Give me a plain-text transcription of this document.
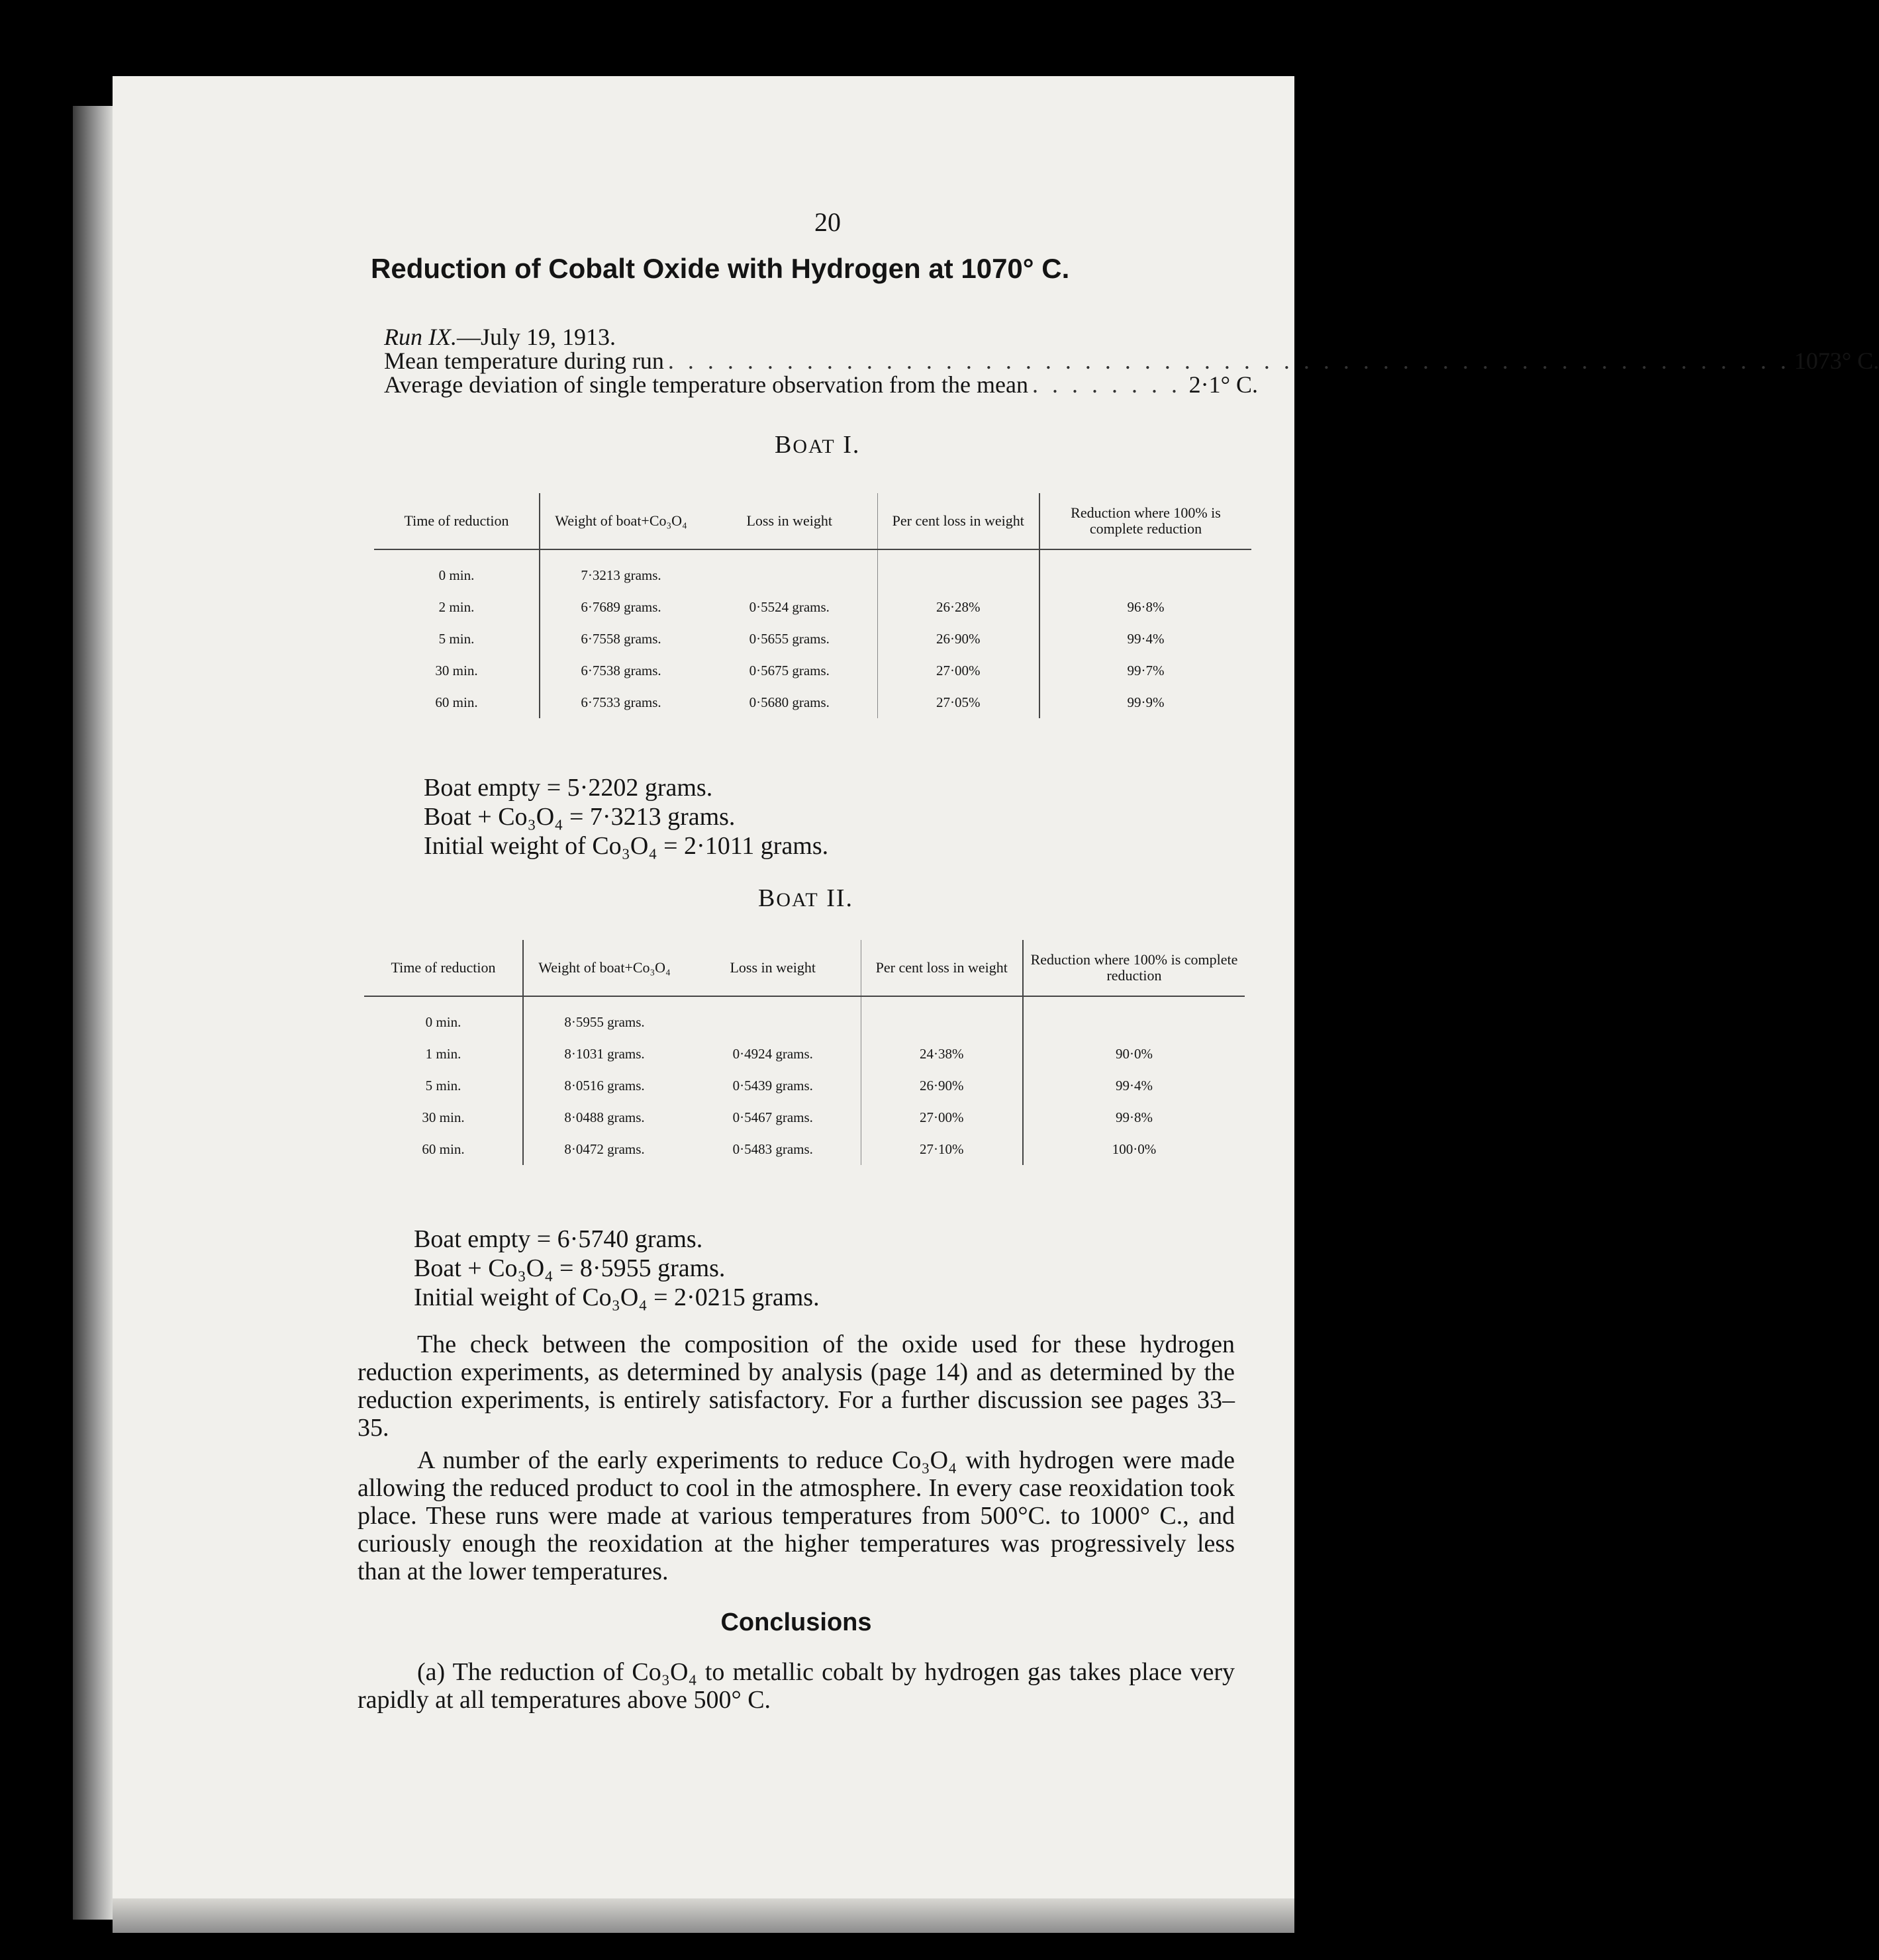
20
Reduction of Cobalt Oxide with Hydrogen at 1070° C.
Run IX.—July 19, 1913.
Mean temperature during run . . . . . . . . . . . . . . . . . . . . . . . . . . . . . . . . . . . . . . . . . . . . . . . . . . . . . . . . . 1073° C.
Average deviation of single temperature observation from the mean . . . . . . . . 2·1° C.
BOAT I.
Time of reduction	Weight of boat+Co₃O₄	Loss in weight	Per cent loss in weight	Reduction where 100% is complete reduction
0 min.	7·3213 grams.			
2 min.	6·7689 grams.	0·5524 grams.	26·28%	96·8%
5 min.	6·7558 grams.	0·5655 grams.	26·90%	99·4%
30 min.	6·7538 grams.	0·5675 grams.	27·00%	99·7%
60 min.	6·7533 grams.	0·5680 grams.	27·05%	99·9%
Boat empty = 5·2202 grams.
Boat + Co₃O₄ = 7·3213 grams.
Initial weight of Co₃O₄ = 2·1011 grams.
BOAT II.
Time of reduction	Weight of boat+Co₃O₄	Loss in weight	Per cent loss in weight	Reduction where 100% is complete reduction
0 min.	8·5955 grams.			
1 min.	8·1031 grams.	0·4924 grams.	24·38%	90·0%
5 min.	8·0516 grams.	0·5439 grams.	26·90%	99·4%
30 min.	8·0488 grams.	0·5467 grams.	27·00%	99·8%
60 min.	8·0472 grams.	0·5483 grams.	27·10%	100·0%
Boat empty = 6·5740 grams.
Boat + Co₃O₄ = 8·5955 grams.
Initial weight of Co₃O₄ = 2·0215 grams.
The check between the composition of the oxide used for these hydrogen reduction experiments, as determined by analysis (page 14) and as determined by the reduction experiments, is entirely satisfactory. For a further discussion see pages 33–35.
A number of the early experiments to reduce Co₃O₄ with hydrogen were made allowing the reduced product to cool in the atmosphere. In every case reoxidation took place. These runs were made at various temperatures from 500°C. to 1000° C., and curiously enough the reoxidation at the higher temperatures was progressively less than at the lower temperatures.
Conclusions
(a) The reduction of Co₃O₄ to metallic cobalt by hydrogen gas takes place very rapidly at all temperatures above 500° C.
